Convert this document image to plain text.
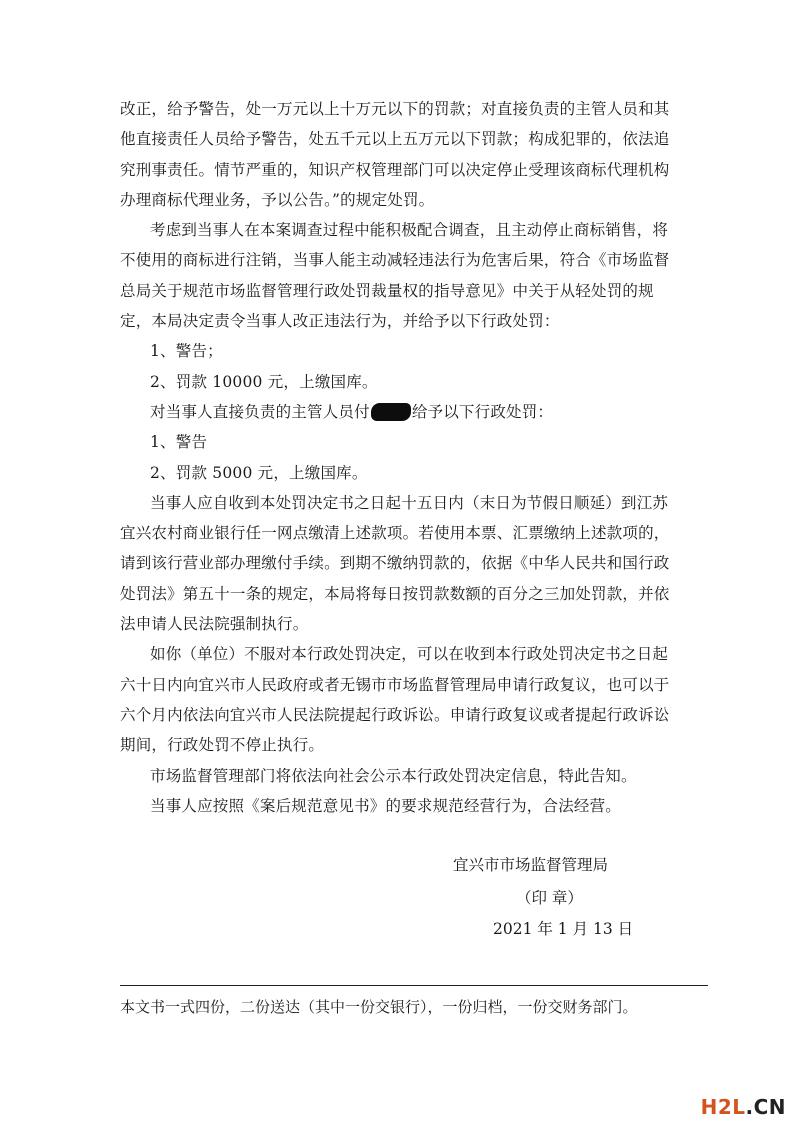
改正，给予警告，处一万元以上十万元以下的罚款；对直接负责的主管人员和其
他直接责任人员给予警告，处五千元以上五万元以下罚款；构成犯罪的，依法追
究刑事责任。情节严重的，知识产权管理部门可以决定停止受理该商标代理机构
办理商标代理业务，予以公告。”的规定处罚。
考虑到当事人在本案调查过程中能积极配合调查，且主动停止商标销售，将
不使用的商标进行注销，当事人能主动减轻违法行为危害后果，符合《市场监督
总局关于规范市场监督管理行政处罚裁量权的指导意见》中关于从轻处罚的规
定，本局决定责令当事人改正违法行为，并给予以下行政处罚：
1、警告；
2、罚款 10000 元，上缴国库。
对当事人直接负责的主管人员付	给予以下行政处罚：
1、警告
2、罚款 5000 元，上缴国库。
当事人应自收到本处罚决定书之日起十五日内（末日为节假日顺延）到江苏
宜兴农村商业银行任一网点缴清上述款项。若使用本票、汇票缴纳上述款项的，
请到该行营业部办理缴付手续。到期不缴纳罚款的，依据《中华人民共和国行政
处罚法》第五十一条的规定，本局将每日按罚款数额的百分之三加处罚款，并依
法申请人民法院强制执行。
如你（单位）不服对本行政处罚决定，可以在收到本行政处罚决定书之日起
六十日内向宜兴市人民政府或者无锡市市场监督管理局申请行政复议，也可以于
六个月内依法向宜兴市人民法院提起行政诉讼。申请行政复议或者提起行政诉讼
期间，行政处罚不停止执行。
市场监督管理部门将依法向社会公示本行政处罚决定信息，特此告知。
当事人应按照《案后规范意见书》的要求规范经营行为，合法经营。
宜兴市市场监督管理局
（印 章）
2021 年 1 月 13 日
本文书一式四份，二份送达（其中一份交银行），一份归档，一份交财务部门。
H2L.CN
